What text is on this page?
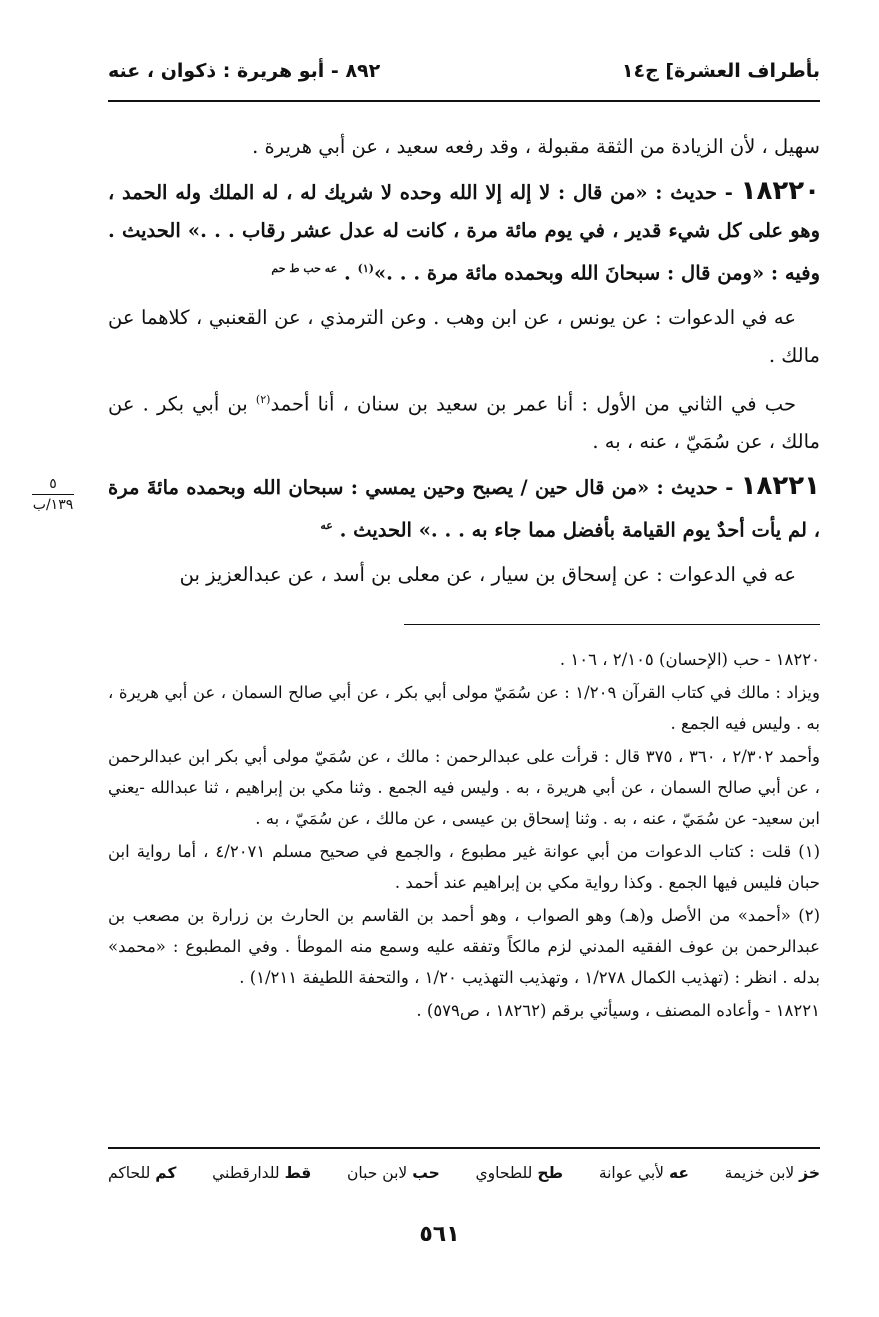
بأطراف العشرة] ج١٤
٨٩٢ - أبو هريرة : ذكوان ، عنه

سهيل ، لأن الزيادة من الثقة مقبولة ، وقد رفعه سعيد ، عن أبي هريرة .

١٨٢٢٠ - حديث : «من قال : لا إله إلا الله وحده لا شريك له ، له الملك وله الحمد ، وهو على كل شيء قدير ، في يوم مائة مرة ، كانت له عدل عشر رقاب . . .» الحديث . وفيه : «ومن قال : سبحانَ الله وبحمده مائة مرة . . .»$^{(١)}$ . $^{عه حب ط حم}$

عه في الدعوات : عن يونس ، عن ابن وهب . وعن الترمذي ، عن القعنبي ، كلاهما عن مالك .

حب في الثاني من الأول : أنا عمر بن سعيد بن سنان ، أنا أحمد$^{(٢)}$ بن أبي بكر . عن مالك ، عن سُمَيّ ، عنه ، به .

١٨٢٢١ - حديث : «من قال حين / يصبح وحين يمسي : سبحان الله وبحمده مائةَ مرة ، لم يأت أحدٌ يوم القيامة بأفضل مما جاء به . . .» الحديث . $^{عه}$

عه في الدعوات : عن إسحاق بن سيار ، عن معلى بن أسد ، عن عبدالعزيز بن

٥
١٣٩/ب

١٨٢٢٠ - حب (الإحسان) ٢/١٠٥ ، ١٠٦ .

ويزاد : مالك في كتاب القرآن ١/٢٠٩ : عن سُمَيّ مولى أبي بكر ، عن أبي صالح السمان ، عن أبي هريرة ، به . وليس فيه الجمع .

وأحمد ٢/٣٠٢ ، ٣٦٠ ، ٣٧٥ قال : قرأت على عبدالرحمن : مالك ، عن سُمَيّ مولى أبي بكر ابن عبدالرحمن ، عن أبي صالح السمان ، عن أبي هريرة ، به . وليس فيه الجمع . وثنا مكي بن إبراهيم ، ثنا عبدالله -يعني ابن سعيد- عن سُمَيّ ، عنه ، به . وثنا إسحاق بن عيسى ، عن مالك ، عن سُمَيّ ، به .

(١) قلت : كتاب الدعوات من أبي عوانة غير مطبوع ، والجمع في صحيح مسلم ٤/٢٠٧١ ، أما رواية ابن حبان فليس فيها الجمع . وكذا رواية مكي بن إبراهيم عند أحمد .

(٢) «أحمد» من الأصل و(هـ) وهو الصواب ، وهو أحمد بن القاسم بن الحارث بن زرارة بن مصعب بن عبدالرحمن بن عوف الفقيه المدني لزم مالكاً وتفقه عليه وسمع منه الموطأ . وفي المطبوع : «محمد» بدله . انظر : (تهذيب الكمال ١/٢٧٨ ، وتهذيب التهذيب ١/٢٠ ، والتحفة اللطيفة ١/٢١١) .

١٨٢٢١ - وأعاده المصنف ، وسيأتي برقم (١٨٢٦٢ ، ص٥٧٩) .

خز لابن خزيمة
عه لأبي عوانة
طح للطحاوي
حب لابن حبان
قط للدارقطني
كم للحاكم
٥٦١
